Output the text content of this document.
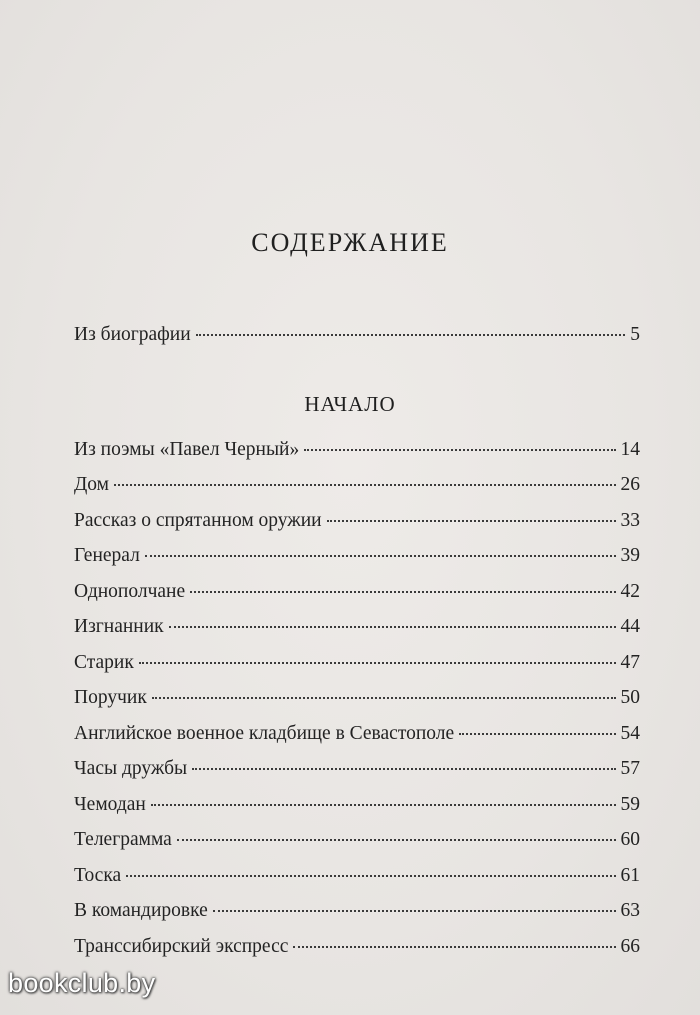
СОДЕРЖАНИЕ
Из биографии	5
НАЧАЛО
Из поэмы «Павел Черный»	14
Дом	26
Рассказ о спрятанном оружии	33
Генерал	39
Однополчане	42
Изгнанник	44
Старик	47
Поручик	50
Английское военное кладбище в Севастополе	54
Часы дружбы	57
Чемодан	59
Телеграмма	60
Тоска	61
В командировке	63
Транссибирский экспресс	66
bookclub.by
